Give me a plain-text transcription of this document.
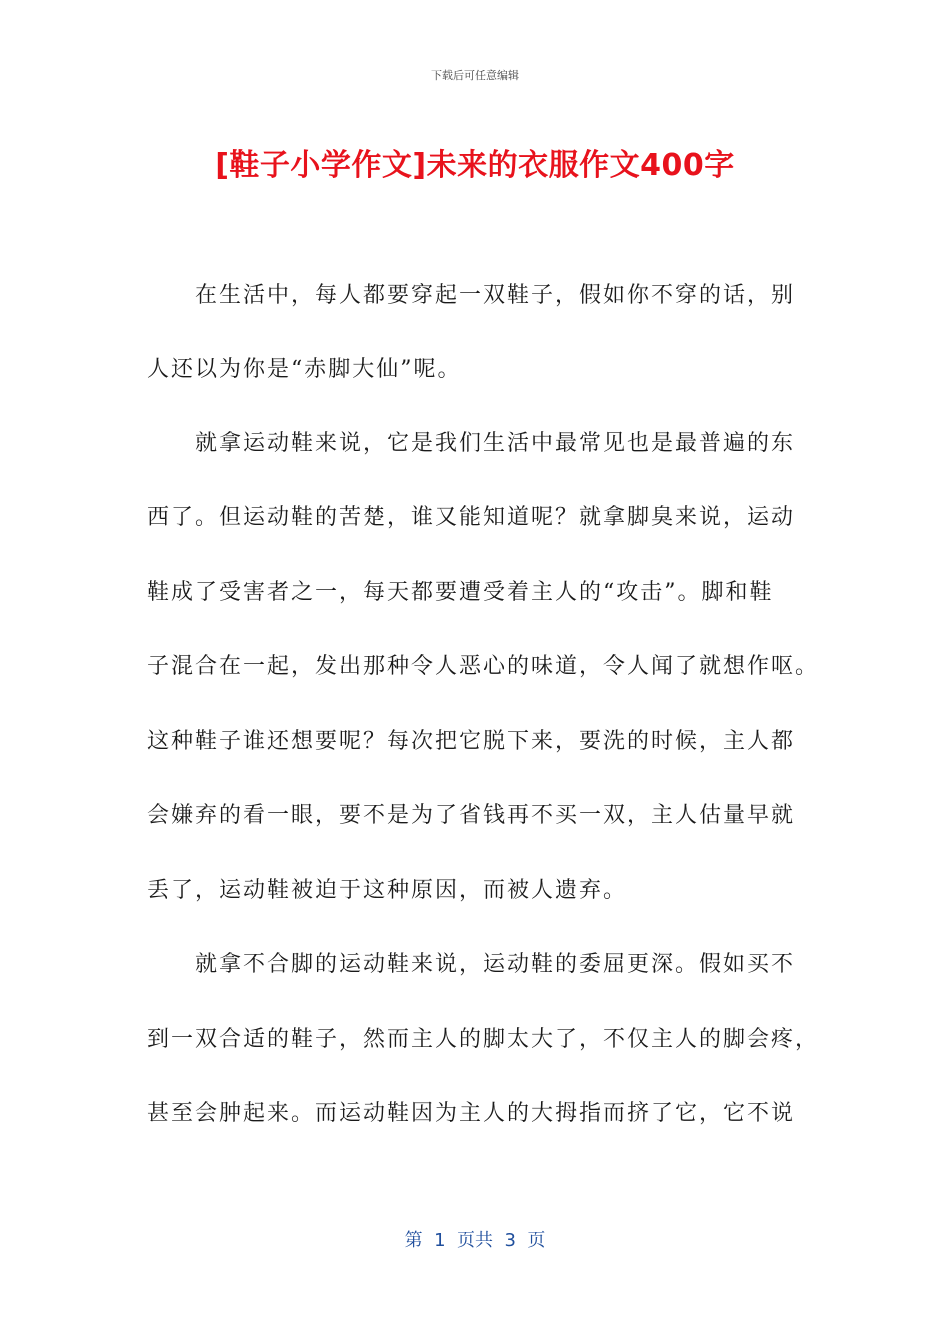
下载后可任意编辑
[鞋子小学作文]未来的衣服作文400字
在生活中，每人都要穿起一双鞋子，假如你不穿的话，别
人还以为你是“赤脚大仙”呢。
就拿运动鞋来说，它是我们生活中最常见也是最普遍的东
西了。但运动鞋的苦楚，谁又能知道呢？就拿脚臭来说，运动
鞋成了受害者之一，每天都要遭受着主人的“攻击”。脚和鞋
子混合在一起，发出那种令人恶心的味道，令人闻了就想作呕。
这种鞋子谁还想要呢？每次把它脱下来，要洗的时候，主人都
会嫌弃的看一眼，要不是为了省钱再不买一双，主人估量早就
丢了，运动鞋被迫于这种原因，而被人遗弃。
就拿不合脚的运动鞋来说，运动鞋的委屈更深。假如买不
到一双合适的鞋子，然而主人的脚太大了，不仅主人的脚会疼，
甚至会肿起来。而运动鞋因为主人的大拇指而挤了它，它不说
第  1  页共  3  页
